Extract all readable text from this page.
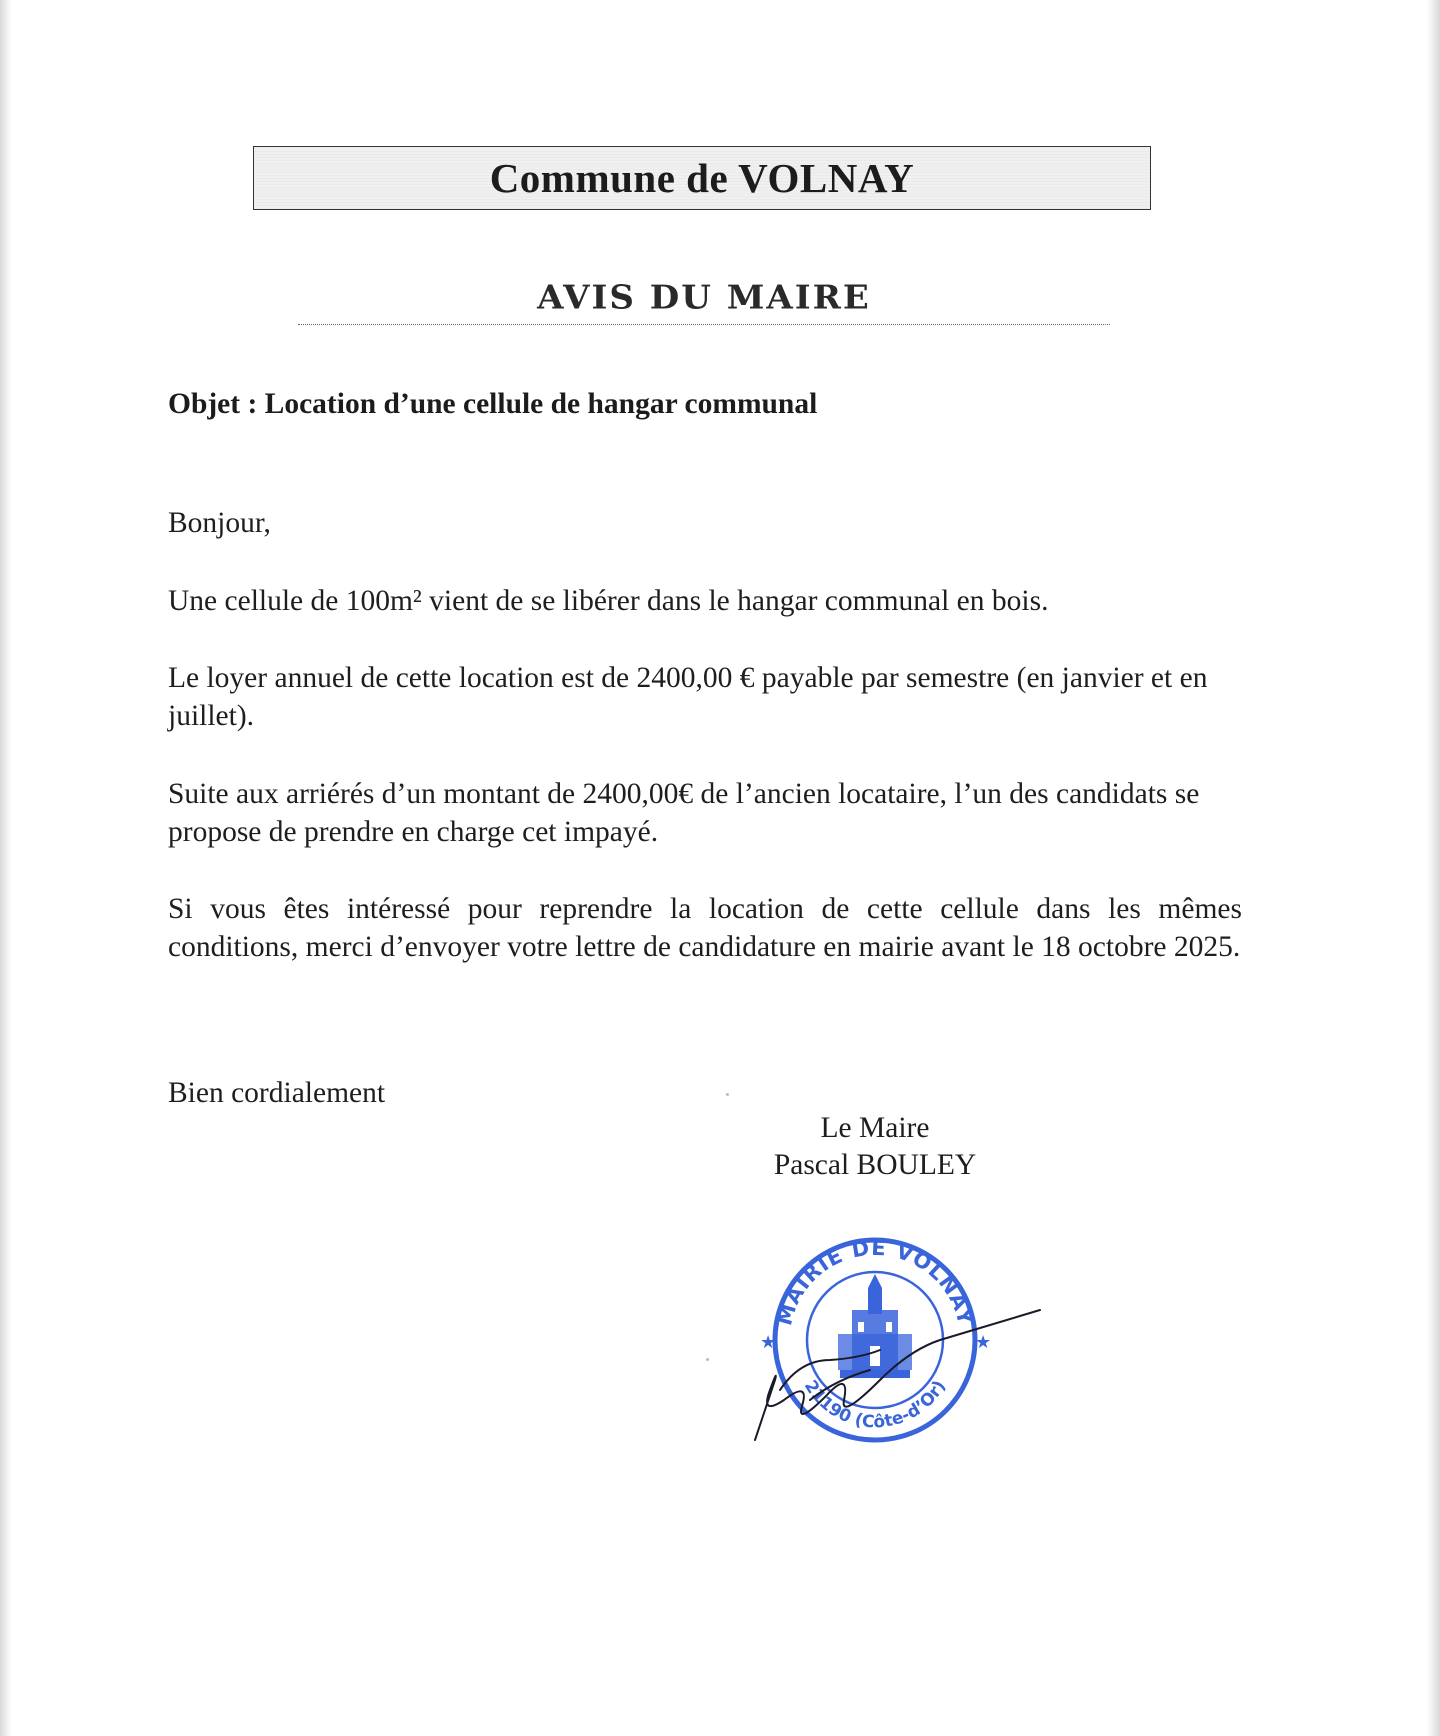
Commune de VOLNAY
AVIS DU MAIRE
Objet : Location d’une cellule de hangar communal
Bonjour,
Une cellule de 100m² vient de se libérer dans le hangar communal en bois.
Le loyer annuel de cette location est de 2400,00 € payable par semestre (en janvier et en juillet).
Suite aux arriérés d’un montant de 2400,00€ de l’ancien locataire, l’un des candidats se propose de prendre en charge cet impayé.
Si vous êtes intéressé pour reprendre la location de cette cellule dans les mêmes conditions, merci d’envoyer votre lettre de candidature en mairie avant le 18 octobre 2025.
Bien cordialement
Le Maire
Pascal BOULEY
MAIRIE DE VOLNAY
21190 (Côte-d’Or)
★
★
